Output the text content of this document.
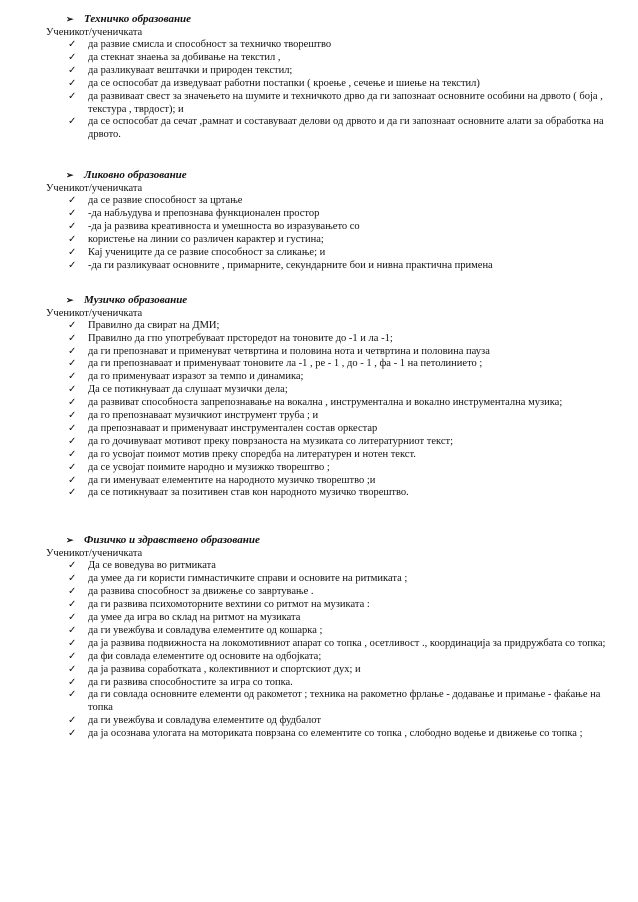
➢ Техничко образование
Ученикот/ученичката
✓ да развие смисла и способност за техничко творештво
✓ да стекнат знаења за добивање на текстил ,
✓ да разликуваат вештачки и природен текстил;
✓ да се оспособат да изведуваат работни постапки ( кроење , сечење и шиење на текстил)
✓ да развиваат свест за значењето на шумите и техничкото дрво да ги запознаат основните особини на дрвото ( боја , текстура , тврдост); и
✓ да се оспособат да сечат ,рамнат и составуваат делови од дрвото и да ги запознаат основните алати за обработка на дрвото.
➢ Ликовно образование
Ученикот/ученичката
✓ да се развие способност за цртање
✓ -да набљудува и препознава функционален простор
✓ -да ја развива креативноста и умешноста во изразувањето со
✓ користење на линии со различен карактер и густина;
✓ Кај учениците да се развие способност за сликање; и
✓ -да ги разликуваат основните , примарните, секундарните бои и нивна практична примена
➢ Музичко образование
Ученикот/ученичката
✓ Правилно да свират на ДМИ;
✓ Правилно да гпо употребуваат прсторедот на тоновите до -1 и ла -1;
✓ да ги препознават и применуват четвртина и половина нота и четвртина и половина пауза
✓ да ги препознаваат и применуваат тоновите ла -1 , ре - 1 , до - 1 , фа - 1 на петолинието ;
✓ да го применуваат изразот за темпо и динамика;
✓ Да се потикнуваат да слушаат музички дела;
✓ да развиват способноста запрепознавање на вокална , инструментална и вокално инструментална музика;
✓ да го препознаваат музичкиот инструмент труба ; и
✓ да препознаваат и применуваат инструментален состав оркестар
✓ да го дочивуваат мотивот преку поврзаноста на музиката со литературниот текст;
✓ да го усвојат поимот мотив преку споредба на литературен и нотен текст.
✓ да се усвојат поимите народно и музижко творештво ;
✓ да ги именуваат елементите на народното музичко творештво ;и
✓ да се потикнуваат за позитивен став кон народното музичко творештво.
➢ Физичко и здравствено образование
Ученикот/ученичката
✓ Да се воведува во ритмиката
✓ да умее да ги користи гимнастичките справи и основите на ритмиката ;
✓ да развива способност за движење со завртување .
✓ да ги развива психомоторните вехтини со ритмот на музиката :
✓ да умее да игра во склад на ритмот на музиката
✓ да ги увежбува и совладува елементите од кошарка ;
✓ да ја развива подвижноста на локомотивниот апарат со топка , осетливост ., координација за придружбата со топка;
✓ да фи совлада елементите од основите на одбојката;
✓ да ја развива соработката , колективниот и спортскиот дух; и
✓ да ги развива способностите за игра со топка.
✓ да ги совлада основните елементи од ракометот ; техника на ракометно фрлање - додавање и примање - фаќање на топка
✓ да ги увежбува и совладува елементите од фудбалот
✓ да ја осознава улогата на моториката поврзана со елементите со топка , слободно водење и движење со топка ;
